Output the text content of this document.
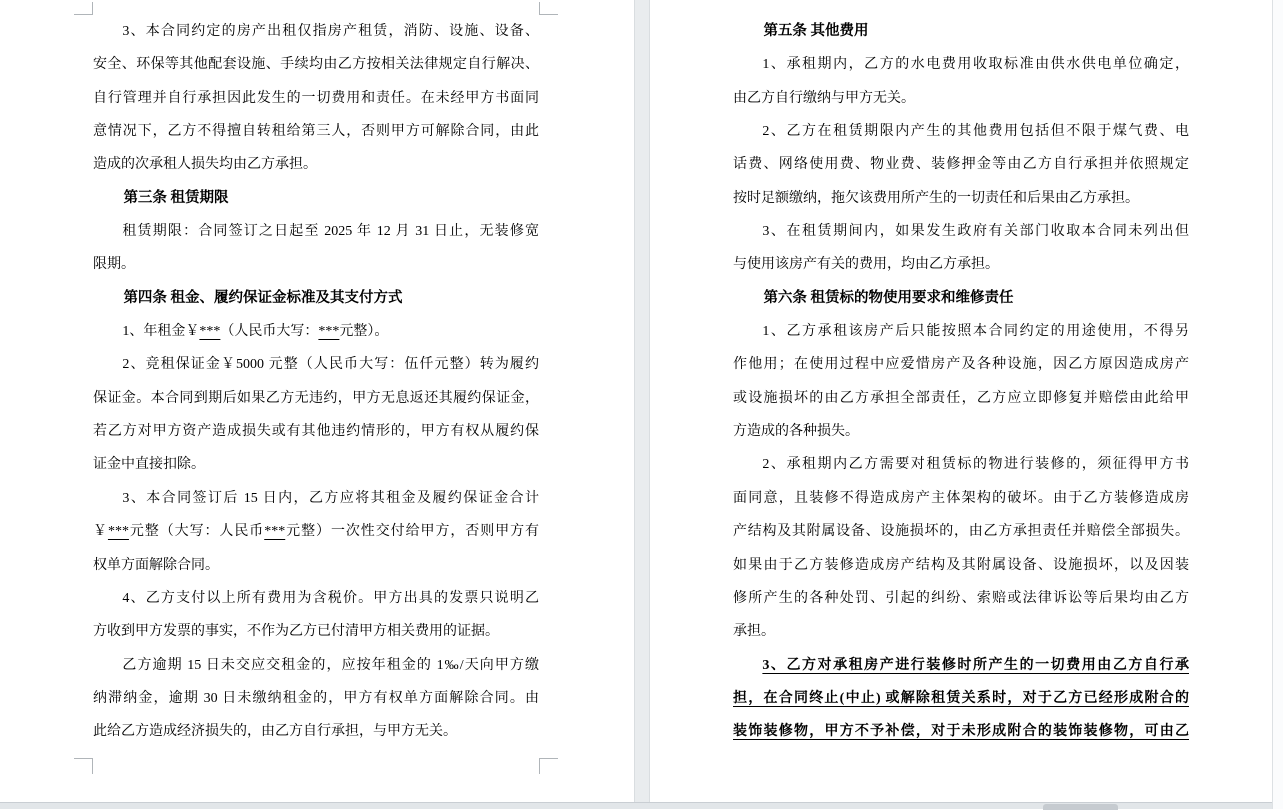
3、本合同约定的房产出租仅指房产租赁，消防、设施、设备、
安全、环保等其他配套设施、手续均由乙方按相关法律规定自行解决、
自行管理并自行承担因此发生的一切费用和责任。在未经甲方书面同
意情况下，乙方不得擅自转租给第三人，否则甲方可解除合同，由此
造成的次承租人损失均由乙方承担。
第三条 租赁期限
租赁期限：合同签订之日起至 2025 年 12 月 31 日止，无装修宽
限期。
第四条 租金、履约保证金标准及其支付方式
1、年租金￥***（人民币大写：***元整）。
2、竞租保证金￥5000 元整（人民币大写：伍仟元整）转为履约
保证金。本合同到期后如果乙方无违约，甲方无息返还其履约保证金，
若乙方对甲方资产造成损失或有其他违约情形的，甲方有权从履约保
证金中直接扣除。
3、本合同签订后 15 日内，乙方应将其租金及履约保证金合计
￥***元整（大写：人民币***元整）一次性交付给甲方，否则甲方有
权单方面解除合同。
4、乙方支付以上所有费用为含税价。甲方出具的发票只说明乙
方收到甲方发票的事实，不作为乙方已付清甲方相关费用的证据。
乙方逾期 15 日未交应交租金的，应按年租金的 1‰/天向甲方缴
纳滞纳金，逾期 30 日未缴纳租金的，甲方有权单方面解除合同。由
此给乙方造成经济损失的，由乙方自行承担，与甲方无关。
第五条 其他费用
1、承租期内，乙方的水电费用收取标准由供水供电单位确定，
由乙方自行缴纳与甲方无关。
2、乙方在租赁期限内产生的其他费用包括但不限于煤气费、电
话费、网络使用费、物业费、装修押金等由乙方自行承担并依照规定
按时足额缴纳，拖欠该费用所产生的一切责任和后果由乙方承担。
3、在租赁期间内，如果发生政府有关部门收取本合同未列出但
与使用该房产有关的费用，均由乙方承担。
第六条 租赁标的物使用要求和维修责任
1、乙方承租该房产后只能按照本合同约定的用途使用，不得另
作他用；在使用过程中应爱惜房产及各种设施，因乙方原因造成房产
或设施损坏的由乙方承担全部责任，乙方应立即修复并赔偿由此给甲
方造成的各种损失。
2、承租期内乙方需要对租赁标的物进行装修的，须征得甲方书
面同意，且装修不得造成房产主体架构的破坏。由于乙方装修造成房
产结构及其附属设备、设施损坏的，由乙方承担责任并赔偿全部损失。
如果由于乙方装修造成房产结构及其附属设备、设施损坏，以及因装
修所产生的各种处罚、引起的纠纷、索赔或法律诉讼等后果均由乙方
承担。
3、乙方对承租房产进行装修时所产生的一切费用由乙方自行承
担，在合同终止(中止) 或解除租赁关系时，对于乙方已经形成附合的
装饰装修物，甲方不予补偿，对于未形成附合的装饰装修物，可由乙
